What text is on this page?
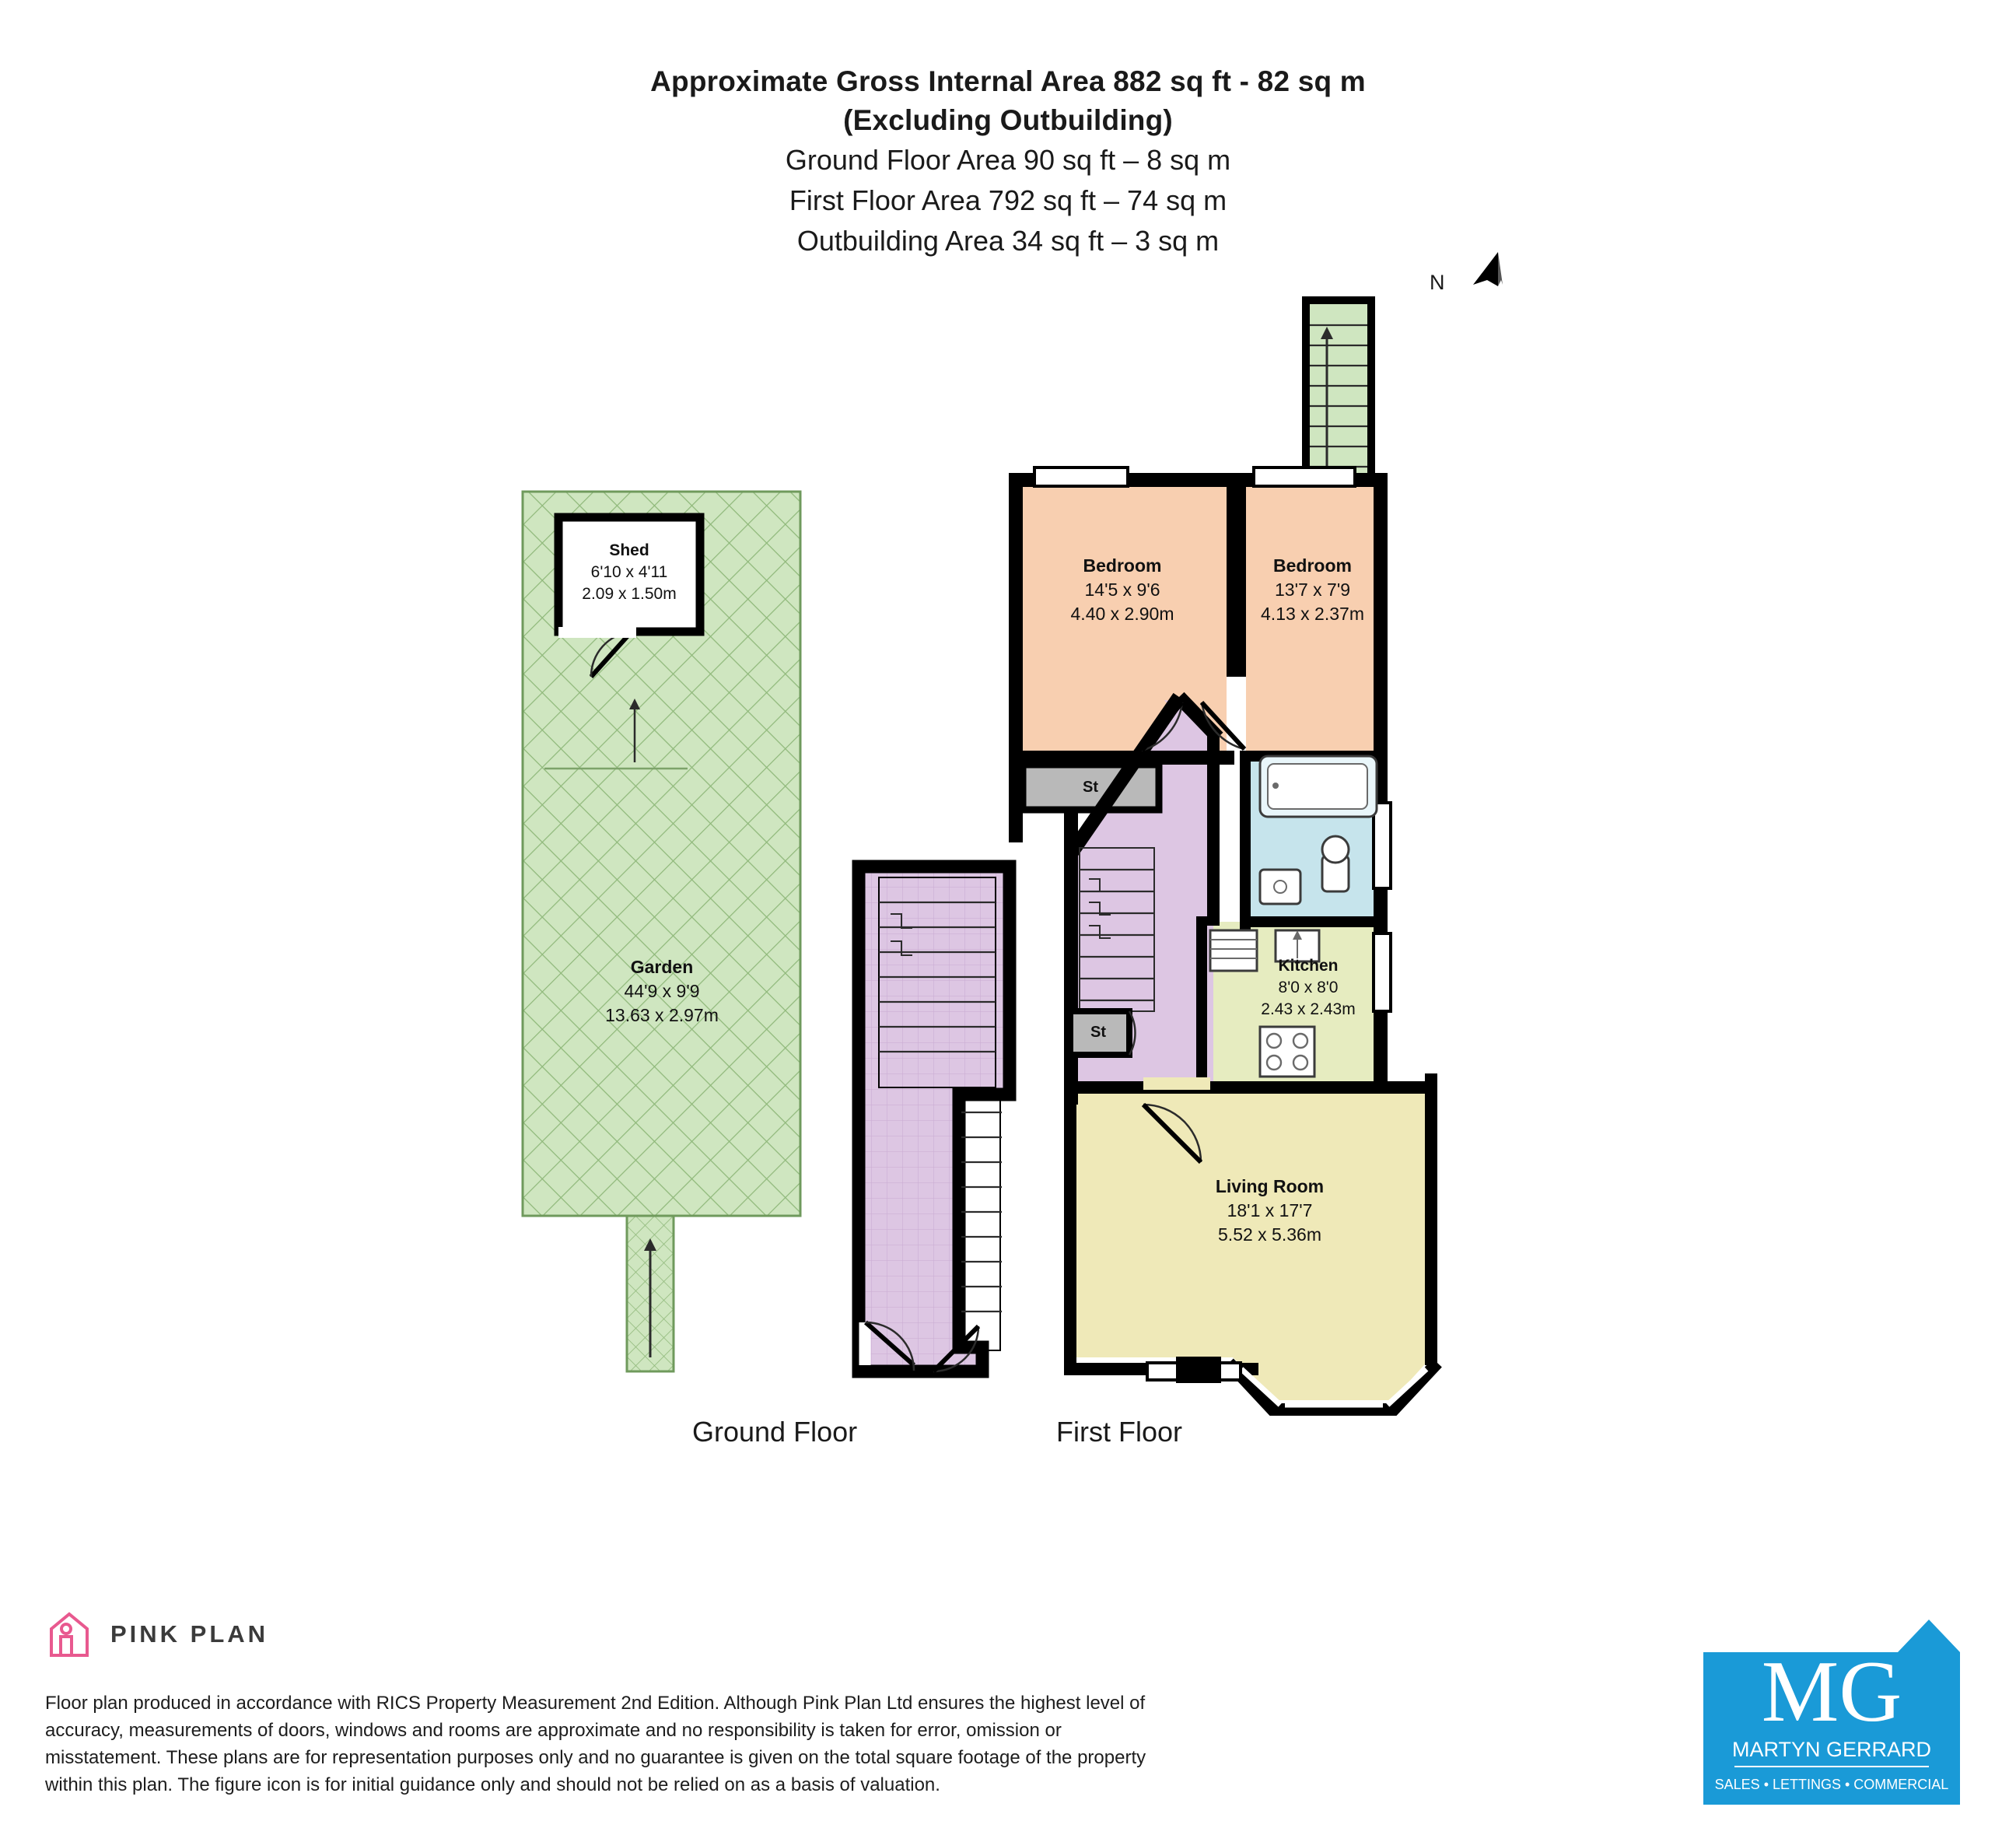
Approximate Gross Internal Area 882 sq ft - 82 sq m
(Excluding Outbuilding)
Ground Floor Area 90 sq ft – 8 sq m
First Floor Area 792 sq ft – 74 sq m
Outbuilding Area 34 sq ft – 3 sq m
N
Shed
6'10 x 4'11
2.09 x 1.50m
Garden
44'9 x 9'9
13.63 x 2.97m
Bedroom
14'5 x 9'6
4.40 x 2.90m
Bedroom
13'7 x 7'9
4.13 x 2.37m
Kitchen
8'0 x 8'0
2.43 x 2.43m
Living Room
18'1 x 17'7
5.52 x 5.36m
St
St
Ground Floor	First Floor
PINK PLAN
Floor plan produced in accordance with RICS Property Measurement 2nd Edition. Although Pink Plan Ltd ensures the highest level of accuracy, measurements of doors, windows and rooms are approximate and no responsibility is taken for error, omission or misstatement. These plans are for representation purposes only and no guarantee is given on the total square footage of the property within this plan. The figure icon is for initial guidance only and should not be relied on as a basis of valuation.
MG
MARTYN GERRARD
SALES • LETTINGS • COMMERCIAL
